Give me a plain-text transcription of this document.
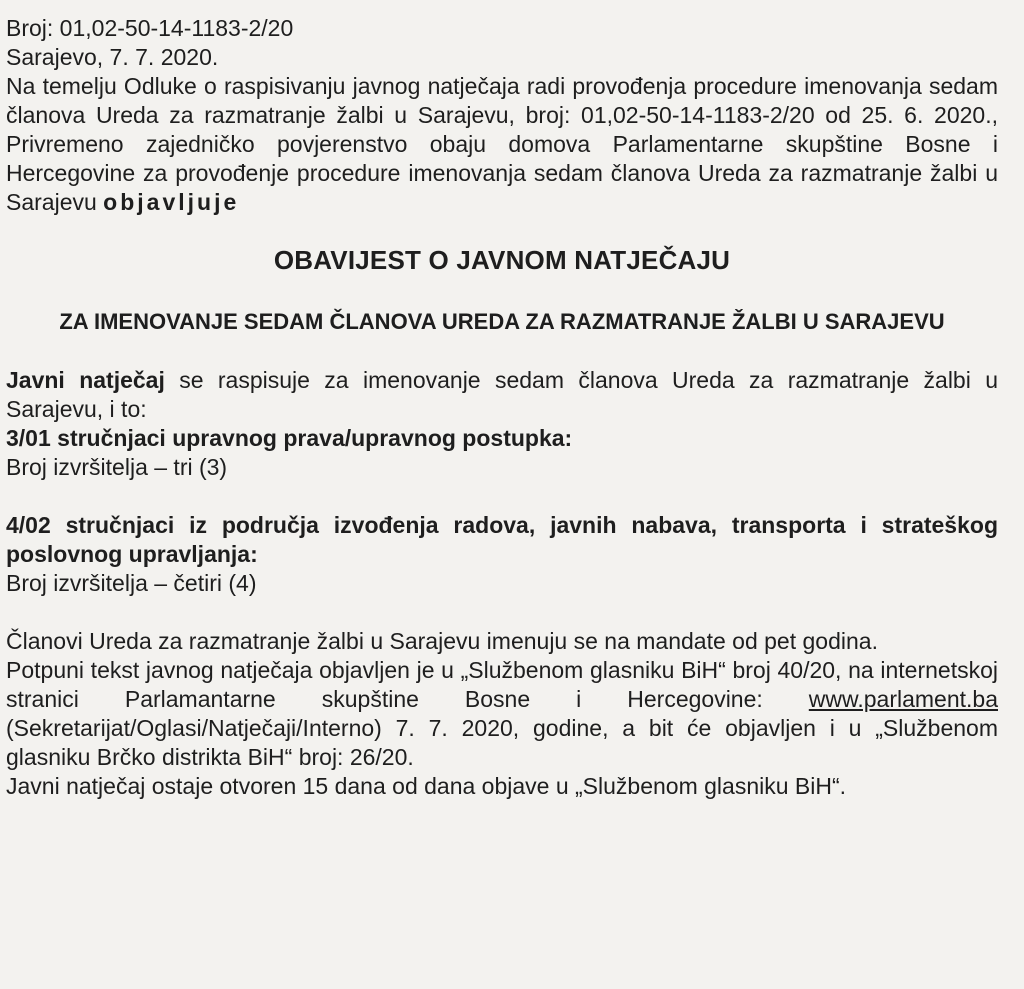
Broj: 01,02-50-14-1183-2/20

Sarajevo, 7. 7. 2020.

Na temelju Odluke o raspisivanju javnog natječaja radi provođenja procedure imenovanja sedam članova Ureda za razmatranje žalbi u Sarajevu, broj: 01,02-50-14-1183-2/20 od 25. 6. 2020., Privremeno zajedničko povjerenstvo obaju domova Parlamentarne skupštine Bosne i Hercegovine za provođenje procedure imenovanja sedam članova Ureda za razmatranje žalbi u Sarajevu objavljuje

OBAVIJEST O JAVNOM NATJEČAJU
ZA IMENOVANJE SEDAM ČLANOVA UREDA ZA RAZMATRANJE ŽALBI U SARAJEVU

Javni natječaj se raspisuje za imenovanje sedam članova Ureda za razmatranje žalbi u Sarajevu, i to:

3/01 stručnjaci upravnog prava/upravnog postupka:

Broj izvršitelja – tri (3)

4/02 stručnjaci iz područja izvođenja radova, javnih nabava, transporta i strateškog poslovnog upravljanja:

Broj izvršitelja – četiri (4)

Članovi Ureda za razmatranje žalbi u Sarajevu imenuju se na mandate od pet godina.

Potpuni tekst javnog natječaja objavljen je u „Službenom glasniku BiH“ broj 40/20, na internetskoj stranici Parlamantarne skupštine Bosne i Hercegovine: www.parlament.ba (Sekretarijat/Oglasi/Natječaji/Interno) 7. 7. 2020, godine, a bit će objavljen i u „Službenom glasniku Brčko distrikta BiH“ broj: 26/20.

Javni natječaj ostaje otvoren 15 dana od dana objave u „Službenom glasniku BiH“.
